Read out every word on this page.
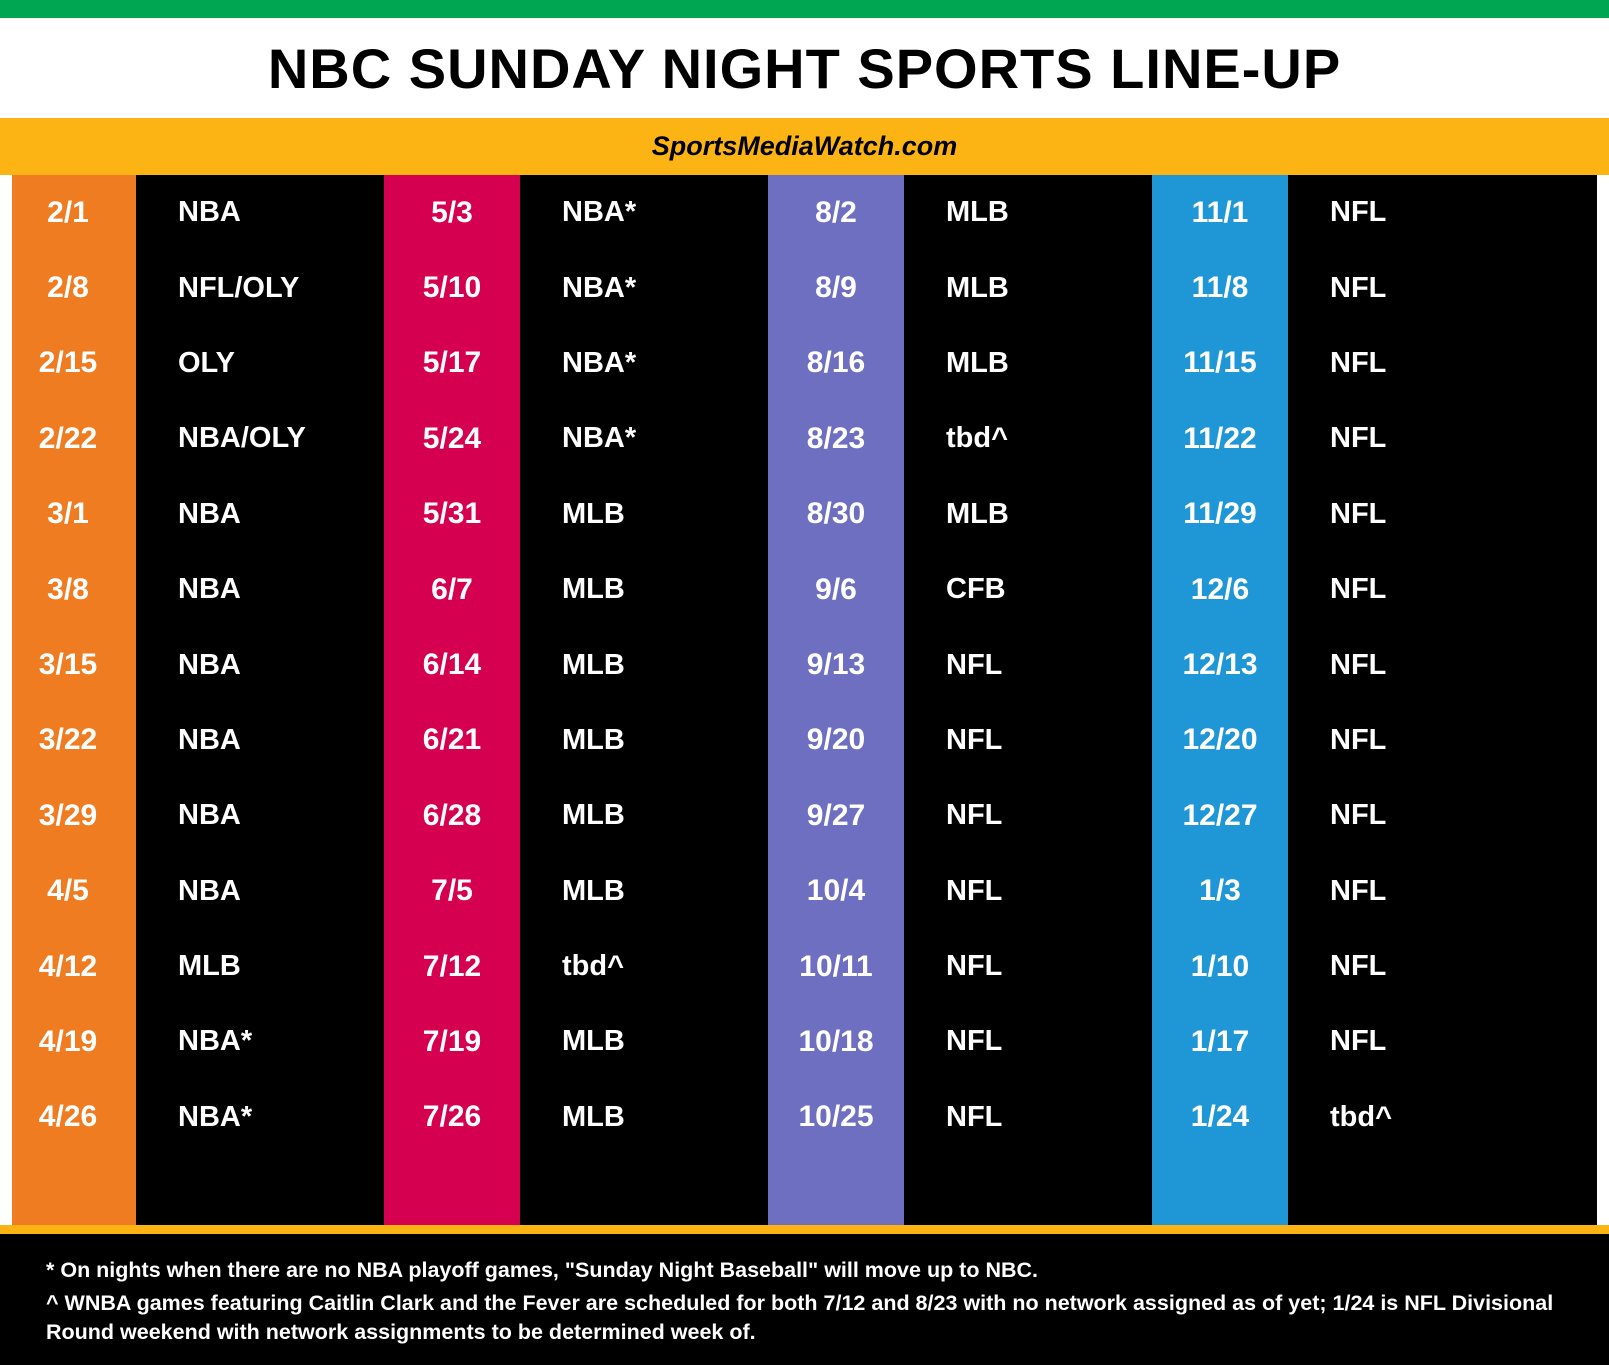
NBC SUNDAY NIGHT SPORTS LINE-UP
SportsMediaWatch.com
2/1
2/8
2/15
2/22
3/1
3/8
3/15
3/22
3/29
4/5
4/12
4/19
4/26
NBA
NFL/OLY
OLY
NBA/OLY
NBA
NBA
NBA
NBA
NBA
NBA
MLB
NBA*
NBA*
5/3
5/10
5/17
5/24
5/31
6/7
6/14
6/21
6/28
7/5
7/12
7/19
7/26
NBA*
NBA*
NBA*
NBA*
MLB
MLB
MLB
MLB
MLB
MLB
tbd^
MLB
MLB
8/2
8/9
8/16
8/23
8/30
9/6
9/13
9/20
9/27
10/4
10/11
10/18
10/25
MLB
MLB
MLB
tbd^
MLB
CFB
NFL
NFL
NFL
NFL
NFL
NFL
NFL
11/1
11/8
11/15
11/22
11/29
12/6
12/13
12/20
12/27
1/3
1/10
1/17
1/24
NFL
NFL
NFL
NFL
NFL
NFL
NFL
NFL
NFL
NFL
NFL
NFL
tbd^
* On nights when there are no NBA playoff games, "Sunday Night Baseball" will move up to NBC.
^ WNBA games featuring Caitlin Clark and the Fever are scheduled for both 7/12 and 8/23 with no network assigned as of yet; 1/24 is NFL Divisional Round weekend with network assignments to be determined week of.
